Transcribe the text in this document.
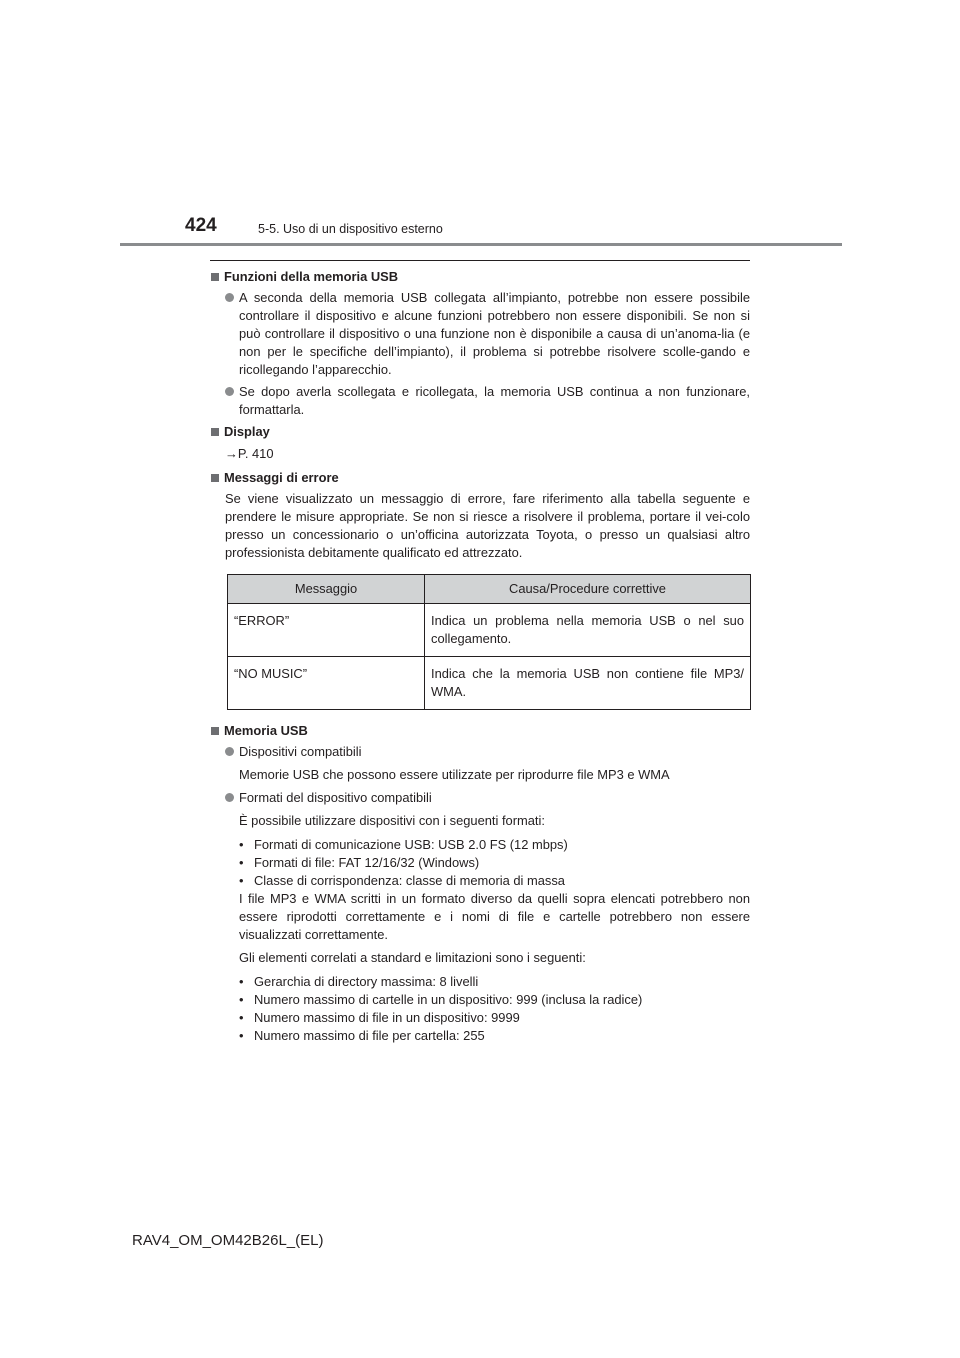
424	5-5. Uso di un dispositivo esterno
Funzioni della memoria USB
A seconda della memoria USB collegata all’impianto, potrebbe non essere possibile controllare il dispositivo e alcune funzioni potrebbero non essere disponibili. Se non si può controllare il dispositivo o una funzione non è disponibile a causa di un’anoma-lia (e non per le specifiche dell’impianto), il problema si potrebbe risolvere scolle-gando e ricollegando l’apparecchio.
Se dopo averla scollegata e ricollegata, la memoria USB continua a non funzionare, formattarla.
Display
→P. 410
Messaggi di errore
Se viene visualizzato un messaggio di errore, fare riferimento alla tabella seguente e prendere le misure appropriate. Se non si riesce a risolvere il problema, portare il vei-colo presso un concessionario o un’officina autorizzata Toyota, o presso un qualsiasi altro professionista debitamente qualificato ed attrezzato.
Messaggio	Causa/Procedure correttive
“ERROR”	Indica un problema nella memoria USB o nel suo collegamento.
“NO MUSIC”	Indica che la memoria USB non contiene file MP3/ WMA.
Memoria USB
Dispositivi compatibili
Memorie USB che possono essere utilizzate per riprodurre file MP3 e WMA
Formati del dispositivo compatibili
È possibile utilizzare dispositivi con i seguenti formati:
• Formati di comunicazione USB: USB 2.0 FS (12 mbps)
• Formati di file: FAT 12/16/32 (Windows)
• Classe di corrispondenza: classe di memoria di massa
I file MP3 e WMA scritti in un formato diverso da quelli sopra elencati potrebbero non essere riprodotti correttamente e i nomi di file e cartelle potrebbero non essere visualizzati correttamente.
Gli elementi correlati a standard e limitazioni sono i seguenti:
• Gerarchia di directory massima: 8 livelli
• Numero massimo di cartelle in un dispositivo: 999 (inclusa la radice)
• Numero massimo di file in un dispositivo: 9999
• Numero massimo di file per cartella: 255
RAV4_OM_OM42B26L_(EL)
